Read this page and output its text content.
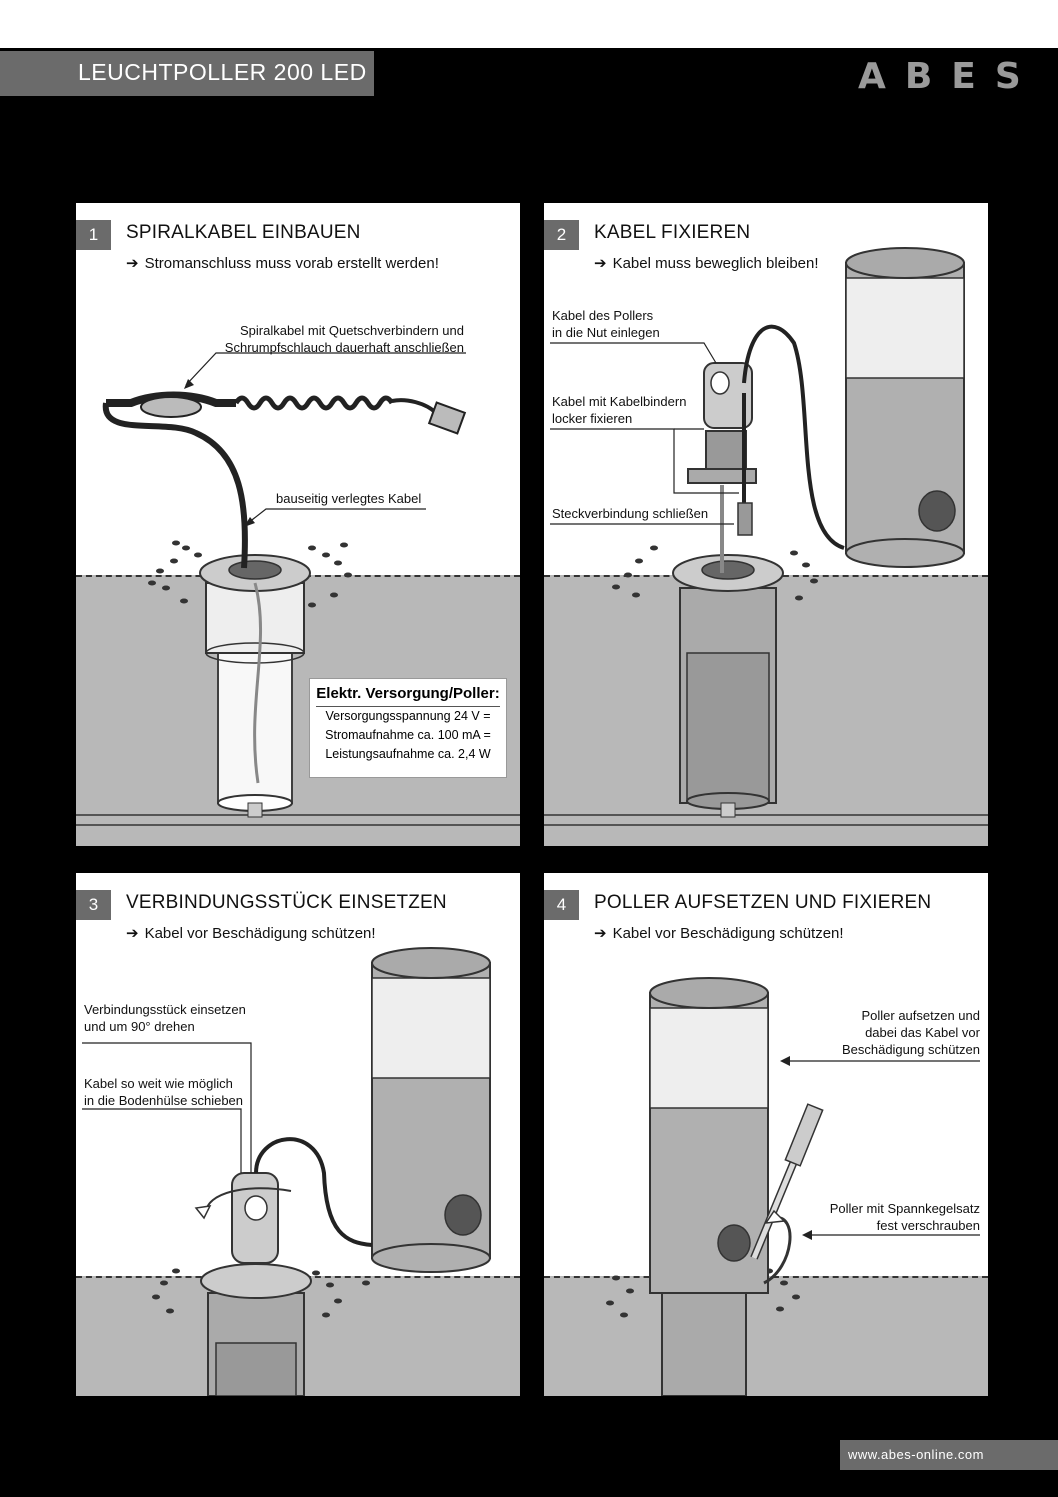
LEUCHTPOLLER 200 LED	ABES
1	SPIRALKABEL EINBAUEN
➔ Stromanschluss muss vorab erstellt werden!
Spiralkabel mit Quetschverbindern und
Schrumpfschlauch dauerhaft anschließen
bauseitig verlegtes Kabel
Elektr. Versorgung/Poller:
Versorgungsspannung 24 V =
Stromaufnahme ca. 100 mA =
Leistungsaufnahme ca. 2,4 W
2	KABEL FIXIEREN
➔ Kabel muss beweglich bleiben!
Kabel des Pollers
in die Nut einlegen
Kabel mit Kabelbindern
locker fixieren
Steckverbindung schließen
3	VERBINDUNGSSTÜCK EINSETZEN
➔ Kabel vor Beschädigung schützen!
Verbindungsstück einsetzen
und um 90° drehen
Kabel so weit wie möglich
in die Bodenhülse schieben
4	POLLER AUFSETZEN UND FIXIEREN
➔ Kabel vor Beschädigung schützen!
Poller aufsetzen und
dabei das Kabel vor
Beschädigung schützen
Poller mit Spannkegelsatz
fest verschrauben
www.abes-online.com
